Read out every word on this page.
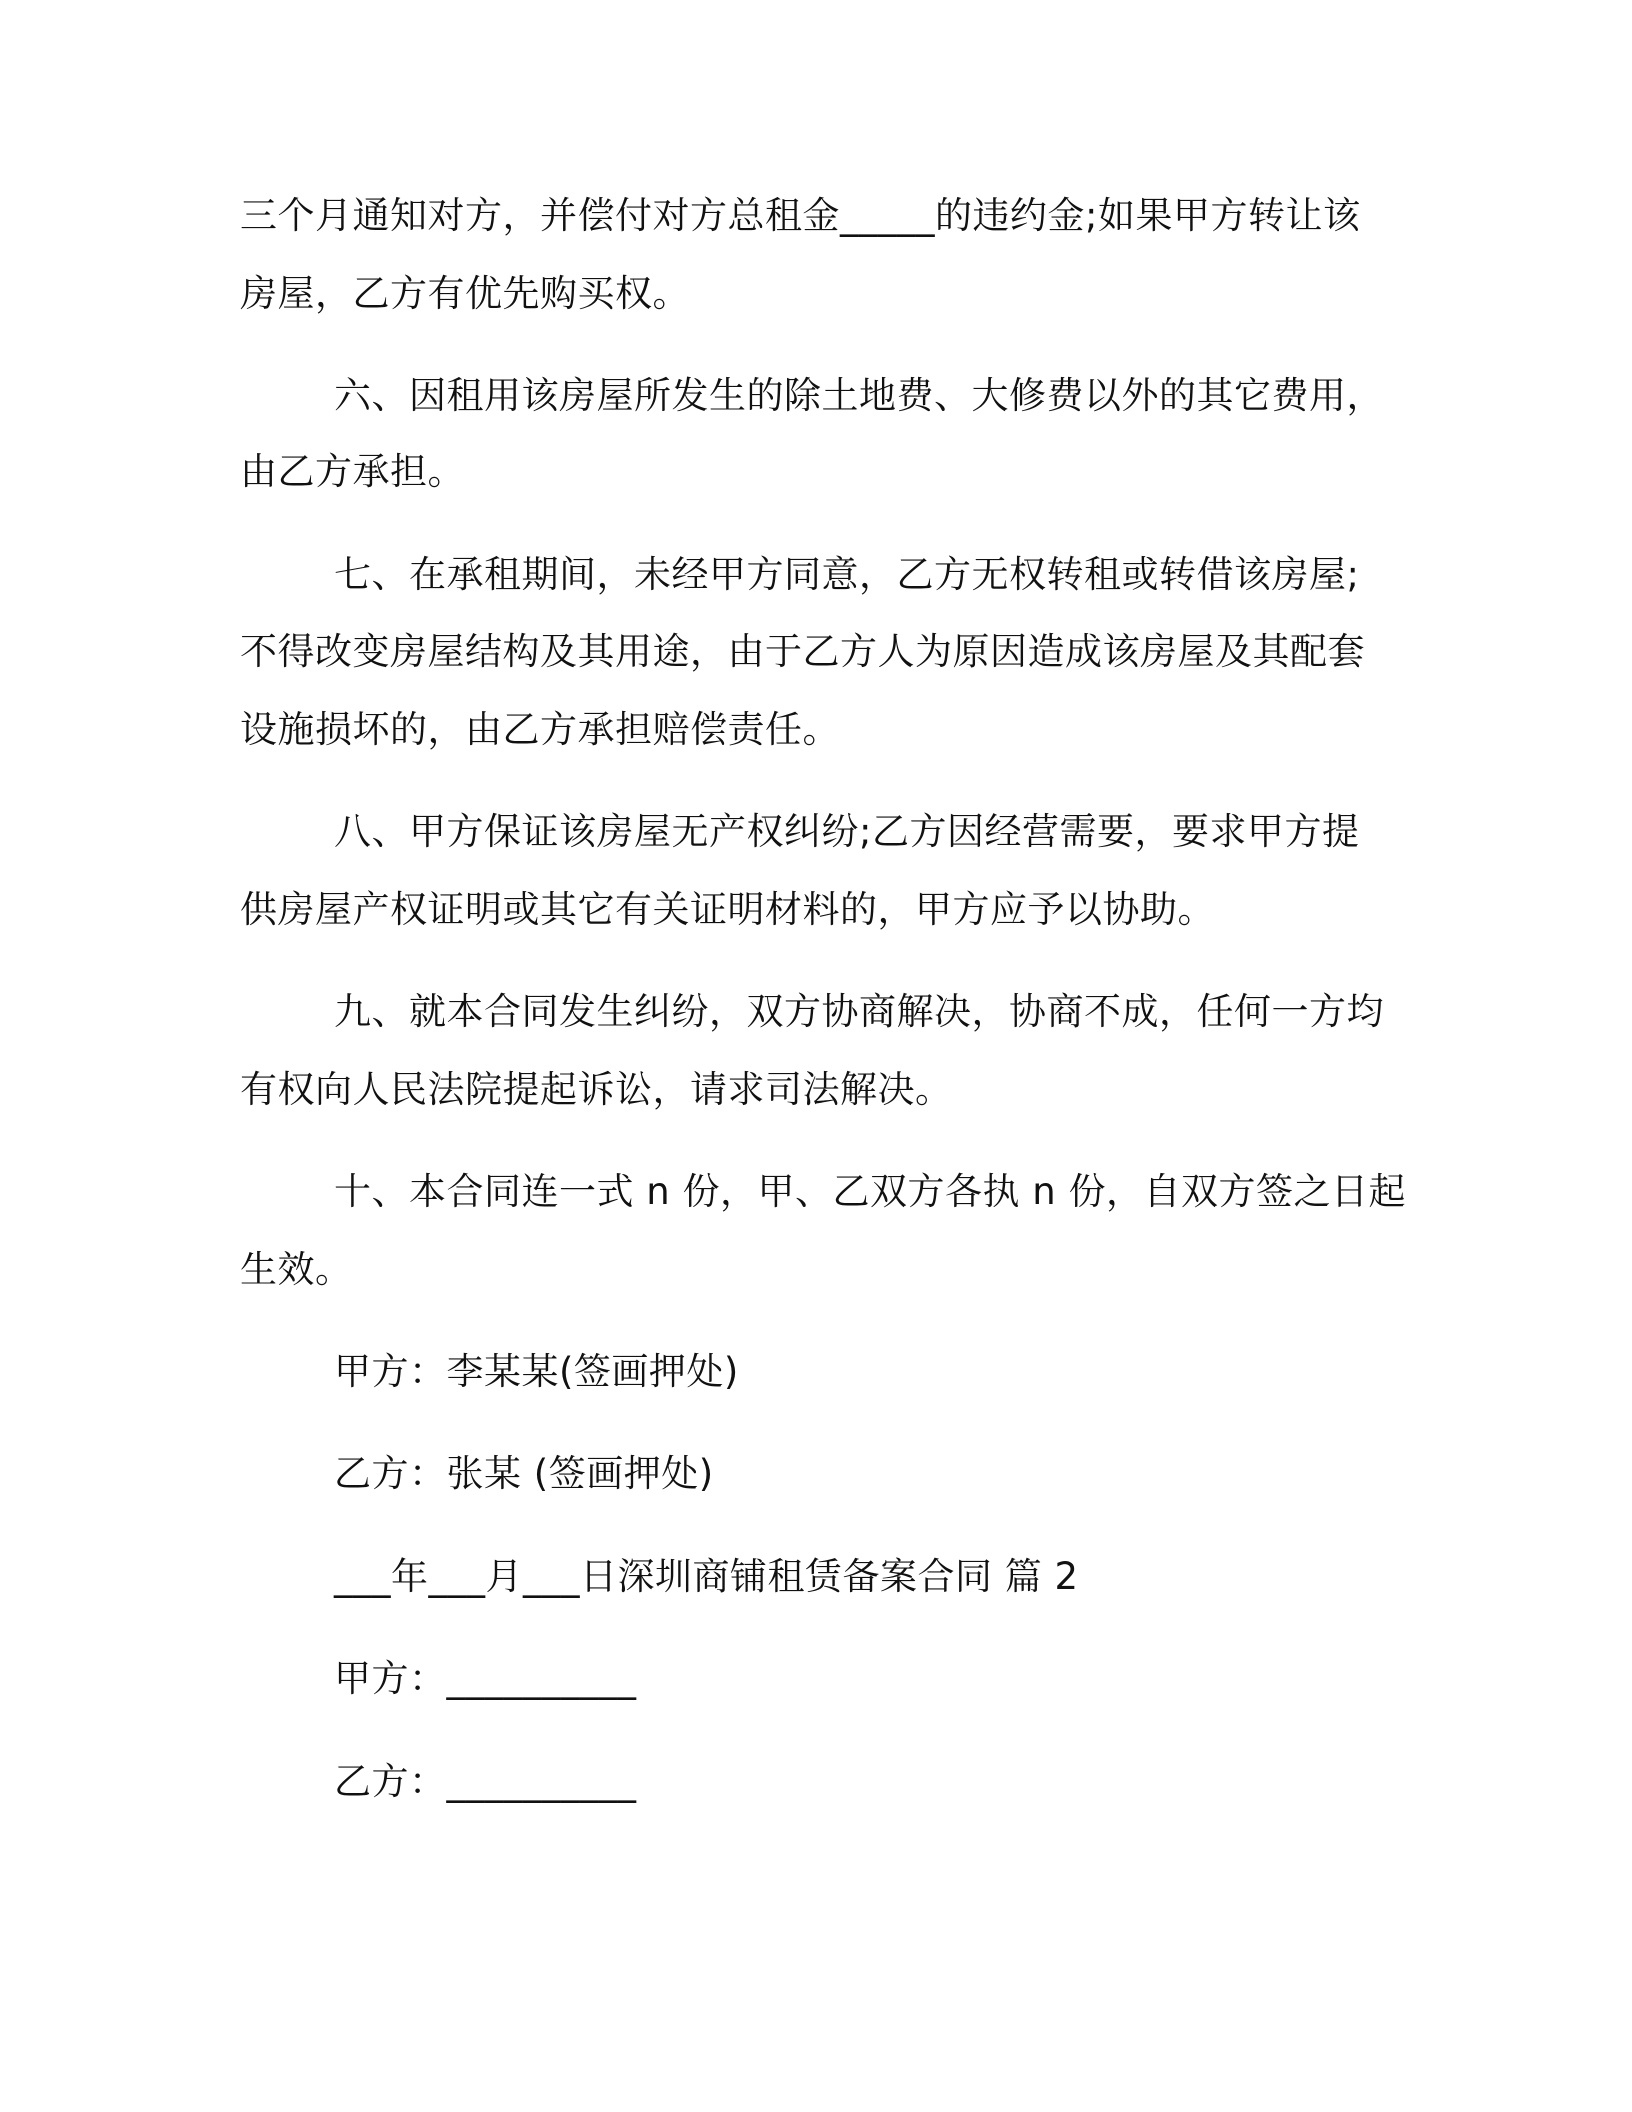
三个月通知对方，并偿付对方总租金_____的违约金;如果甲方转让该
房屋，乙方有优先购买权。
六、因租用该房屋所发生的除土地费、大修费以外的其它费用，
由乙方承担。
七、在承租期间，未经甲方同意，乙方无权转租或转借该房屋;
不得改变房屋结构及其用途，由于乙方人为原因造成该房屋及其配套
设施损坏的，由乙方承担赔偿责任。
八、甲方保证该房屋无产权纠纷;乙方因经营需要，要求甲方提
供房屋产权证明或其它有关证明材料的，甲方应予以协助。
九、就本合同发生纠纷，双方协商解决，协商不成，任何一方均
有权向人民法院提起诉讼，请求司法解决。
十、本合同连一式 n 份，甲、乙双方各执 n 份，自双方签之日起
生效。
甲方：李某某(签画押处)
乙方：张某 (签画押处)
___年___月___日深圳商铺租赁备案合同 篇 2
甲方：__________
乙方：__________
